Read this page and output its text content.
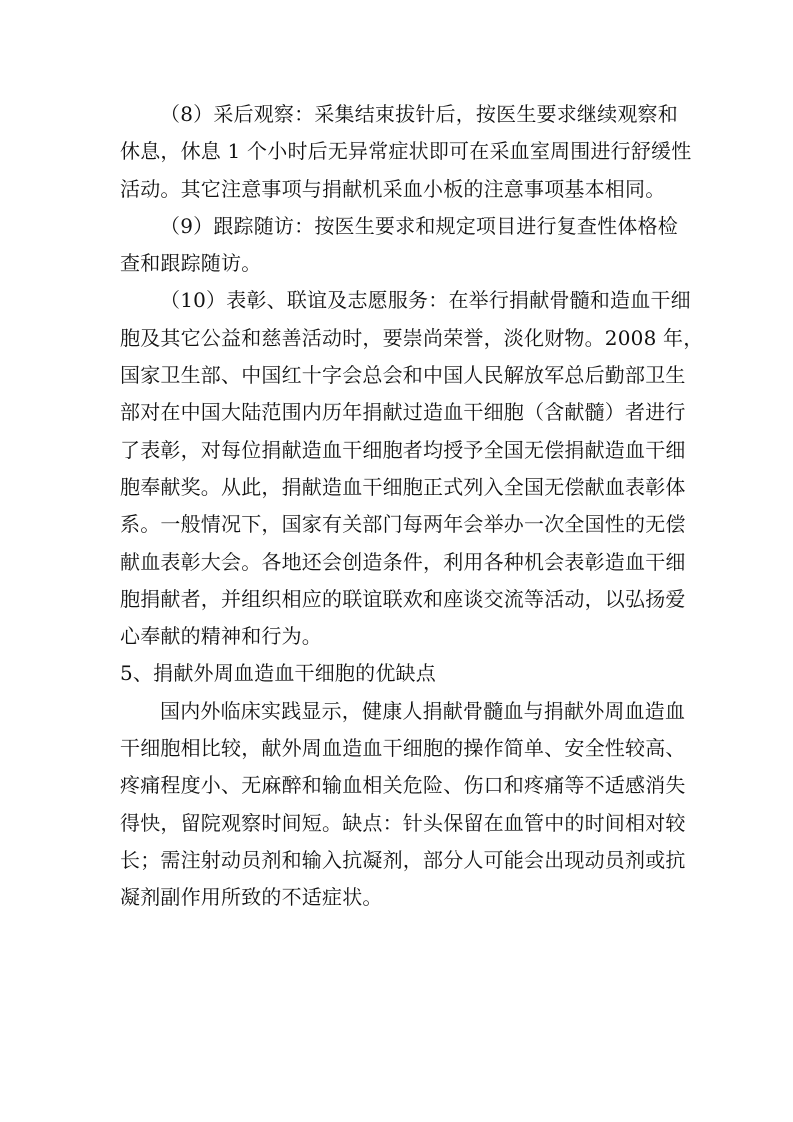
（8）采后观察：采集结束拔针后，按医生要求继续观察和
休息，休息 1 个小时后无异常症状即可在采血室周围进行舒缓性
活动。其它注意事项与捐献机采血小板的注意事项基本相同。
（9）跟踪随访：按医生要求和规定项目进行复查性体格检
查和跟踪随访。
（10）表彰、联谊及志愿服务：在举行捐献骨髓和造血干细
胞及其它公益和慈善活动时，要崇尚荣誉，淡化财物。2008 年，
国家卫生部、中国红十字会总会和中国人民解放军总后勤部卫生
部对在中国大陆范围内历年捐献过造血干细胞（含献髓）者进行
了表彰，对每位捐献造血干细胞者均授予全国无偿捐献造血干细
胞奉献奖。从此，捐献造血干细胞正式列入全国无偿献血表彰体
系。一般情况下，国家有关部门每两年会举办一次全国性的无偿
献血表彰大会。各地还会创造条件，利用各种机会表彰造血干细
胞捐献者，并组织相应的联谊联欢和座谈交流等活动，以弘扬爱
心奉献的精神和行为。
5、捐献外周血造血干细胞的优缺点
国内外临床实践显示，健康人捐献骨髓血与捐献外周血造血
干细胞相比较，献外周血造血干细胞的操作简单、安全性较高、
疼痛程度小、无麻醉和输血相关危险、伤口和疼痛等不适感消失
得快，留院观察时间短。缺点：针头保留在血管中的时间相对较
长；需注射动员剂和输入抗凝剂，部分人可能会出现动员剂或抗
凝剂副作用所致的不适症状。
